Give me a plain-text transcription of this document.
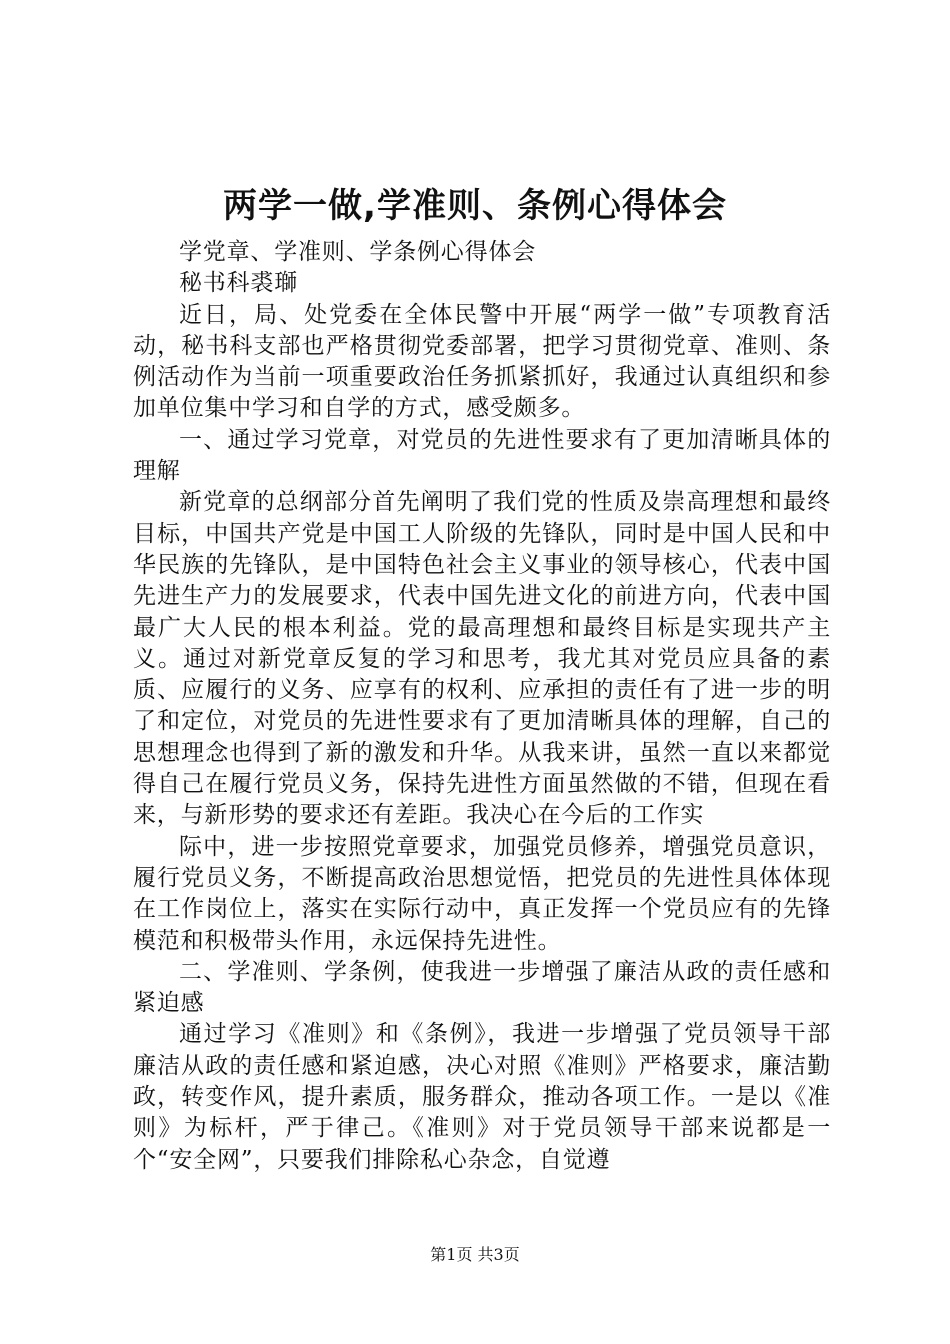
两学一做,学准则、条例心得体会

学党章、学准则、学条例心得体会

秘书科裘瑡

近日，局、处党委在全体民警中开展“两学一做”专项教育活动，秘书科支部也严格贯彻党委部署，把学习贯彻党章、准则、条例活动作为当前一项重要政治任务抓紧抓好，我通过认真组织和参加单位集中学习和自学的方式，感受颇多。

一、通过学习党章，对党员的先进性要求有了更加清晰具体的理解

新党章的总纲部分首先阐明了我们党的性质及崇高理想和最终目标，中国共产党是中国工人阶级的先锋队，同时是中国人民和中华民族的先锋队，是中国特色社会主义事业的领导核心，代表中国先进生产力的发展要求，代表中国先进文化的前进方向，代表中国最广大人民的根本利益。党的最高理想和最终目标是实现共产主义。通过对新党章反复的学习和思考，我尤其对党员应具备的素质、应履行的义务、应享有的权利、应承担的责任有了进一步的明了和定位，对党员的先进性要求有了更加清晰具体的理解，自己的思想理念也得到了新的激发和升华。从我来讲，虽然一直以来都觉得自己在履行党员义务，保持先进性方面虽然做的不错，但现在看来，与新形势的要求还有差距。我决心在今后的工作实

际中，进一步按照党章要求，加强党员修养，增强党员意识，履行党员义务，不断提高政治思想觉悟，把党员的先进性具体体现在工作岗位上，落实在实际行动中，真正发挥一个党员应有的先锋模范和积极带头作用，永远保持先进性。

二、学准则、学条例，使我进一步增强了廉洁从政的责任感和紧迫感

通过学习《准则》和《条例》，我进一步增强了党员领导干部廉洁从政的责任感和紧迫感，决心对照《准则》严格要求，廉洁勤政，转变作风，提升素质，服务群众，推动各项工作。一是以《准则》为标杆，严于律己。《准则》对于党员领导干部来说都是一个“安全网”，只要我们排除私心杂念，自觉遵

第1页 共3页
